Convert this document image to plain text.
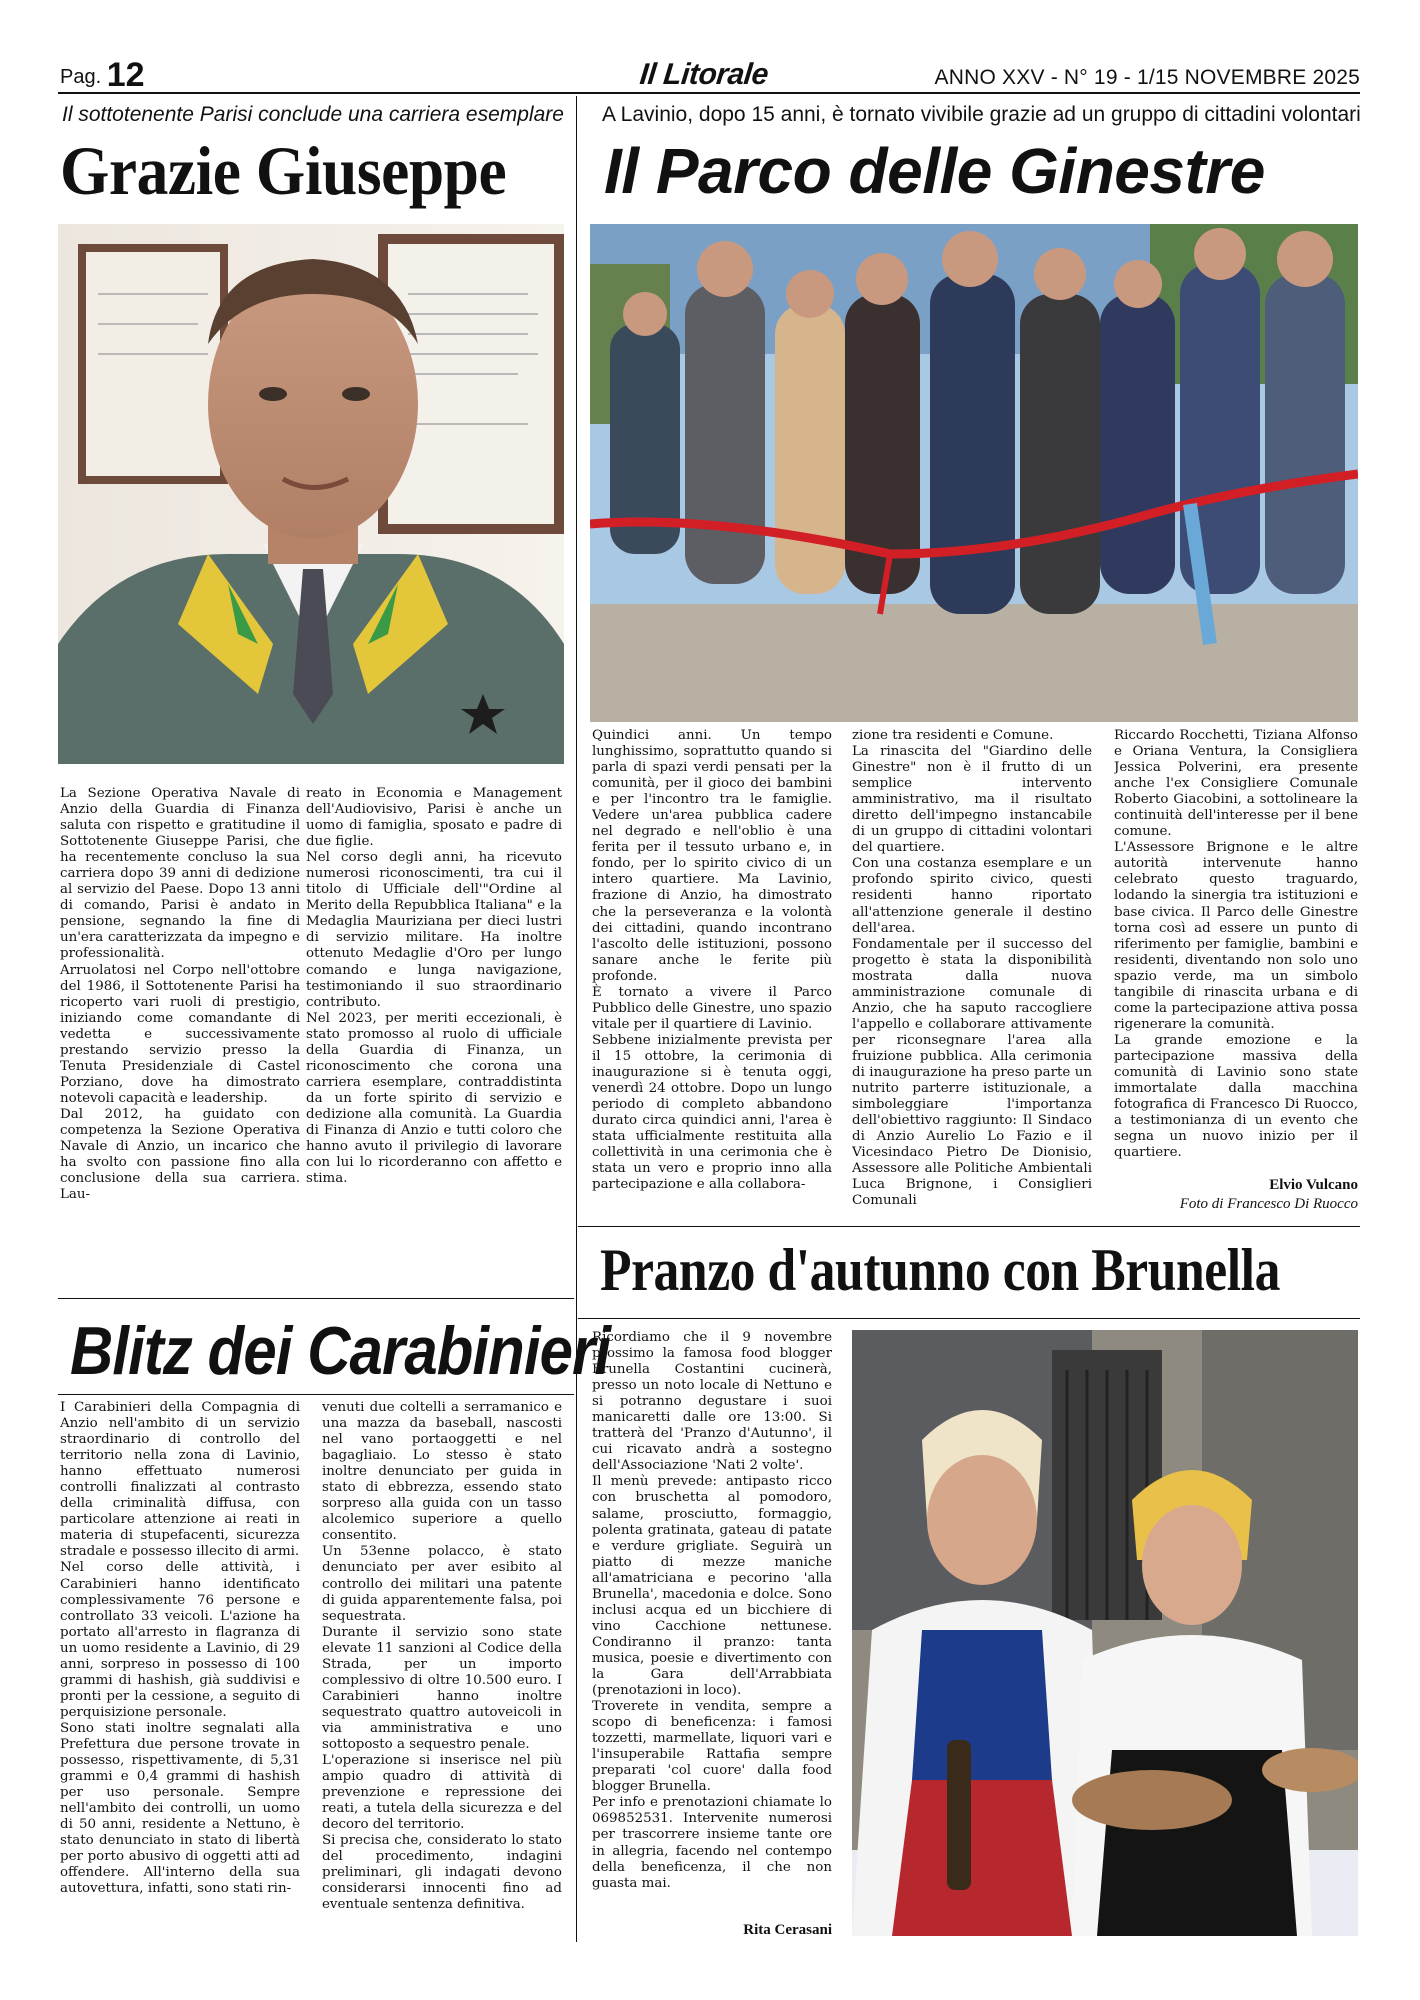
Pag. 12	Il Litorale	ANNO XXV - N° 19 - 1/15 NOVEMBRE 2025
Il sottotenente Parisi conclude una carriera esemplare
Grazie Giuseppe

La Sezione Operativa Navale di Anzio della Guardia di Finanza saluta con rispetto e gratitudine il Sottotenente Giuseppe Parisi, che ha recentemente concluso la sua carriera dopo 39 anni di dedizione al servizio del Paese. Dopo 13 anni di comando, Parisi è andato in pensione, segnando la fine di un'era caratterizzata da impegno e professionalità.

Arruolatosi nel Corpo nell'ottobre del 1986, il Sottotenente Parisi ha ricoperto vari ruoli di prestigio, iniziando come comandante di vedetta e successivamente prestando servizio presso la Tenuta Presidenziale di Castel Porziano, dove ha dimostrato notevoli capacità e leadership.

Dal 2012, ha guidato con competenza la Sezione Operativa Navale di Anzio, un incarico che ha svolto con passione fino alla conclusione della sua carriera. Lau-

reato in Economia e Management dell'Audiovisivo, Parisi è anche un uomo di famiglia, sposato e padre di due figlie.

Nel corso degli anni, ha ricevuto numerosi riconoscimenti, tra cui il titolo di Ufficiale dell'"Ordine al Merito della Repubblica Italiana" e la Medaglia Mauriziana per dieci lustri di servizio militare. Ha inoltre ottenuto Medaglie d'Oro per lungo comando e lunga navigazione, testimoniando il suo straordinario contributo.

Nel 2023, per meriti eccezionali, è stato promosso al ruolo di ufficiale della Guardia di Finanza, un riconoscimento che corona una carriera esemplare, contraddistinta da un forte spirito di servizio e dedizione alla comunità. La Guardia di Finanza di Anzio e tutti coloro che hanno avuto il privilegio di lavorare con lui lo ricorderanno con affetto e stima.

A Lavinio, dopo 15 anni, è tornato vivibile grazie ad un gruppo di cittadini volontari
Il Parco delle Ginestre

Quindici anni. Un tempo lunghissimo, soprattutto quando si parla di spazi verdi pensati per la comunità, per il gioco dei bambini e per l'incontro tra le famiglie. Vedere un'area pubblica cadere nel degrado e nell'oblio è una ferita per il tessuto urbano e, in fondo, per lo spirito civico di un intero quartiere. Ma Lavinio, frazione di Anzio, ha dimostrato che la perseveranza e la volontà dei cittadini, quando incontrano l'ascolto delle istituzioni, possono sanare anche le ferite più profonde.

È tornato a vivere il Parco Pubblico delle Ginestre, uno spazio vitale per il quartiere di Lavinio.

Sebbene inizialmente prevista per il 15 ottobre, la cerimonia di inaugurazione si è tenuta oggi, venerdì 24 ottobre. Dopo un lungo periodo di completo abbandono durato circa quindici anni, l'area è stata ufficialmente restituita alla collettività in una cerimonia che è stata un vero e proprio inno alla partecipazione e alla collabora-

zione tra residenti e Comune.

La rinascita del "Giardino delle Ginestre" non è il frutto di un semplice intervento amministrativo, ma il risultato diretto dell'impegno instancabile di un gruppo di cittadini volontari del quartiere.

Con una costanza esemplare e un profondo spirito civico, questi residenti hanno riportato all'attenzione generale il destino dell'area.

Fondamentale per il successo del progetto è stata la disponibilità mostrata dalla nuova amministrazione comunale di Anzio, che ha saputo raccogliere l'appello e collaborare attivamente per riconsegnare l'area alla fruizione pubblica. Alla cerimonia di inaugurazione ha preso parte un nutrito parterre istituzionale, a simboleggiare l'importanza dell'obiettivo raggiunto: Il Sindaco di Anzio Aurelio Lo Fazio e il Vicesindaco Pietro De Dionisio, Assessore alle Politiche Ambientali Luca Brignone, i Consiglieri Comunali

Riccardo Rocchetti, Tiziana Alfonso e Oriana Ventura, la Consigliera Jessica Polverini, era presente anche l'ex Consigliere Comunale Roberto Giacobini, a sottolineare la continuità dell'interesse per il bene comune.

L'Assessore Brignone e le altre autorità intervenute hanno celebrato questo traguardo, lodando la sinergia tra istituzioni e base civica. Il Parco delle Ginestre torna così ad essere un punto di riferimento per famiglie, bambini e residenti, diventando non solo uno spazio verde, ma un simbolo tangibile di rinascita urbana e di come la partecipazione attiva possa rigenerare la comunità.

La grande emozione e la partecipazione massiva della comunità di Lavinio sono state immortalate dalla macchina fotografica di Francesco Di Ruocco, a testimonianza di un evento che segna un nuovo inizio per il quartiere.

Elvio Vulcano
Foto di Francesco Di Ruocco
Blitz dei Carabinieri

I Carabinieri della Compagnia di Anzio nell'ambito di un servizio straordinario di controllo del territorio nella zona di Lavinio, hanno effettuato numerosi controlli finalizzati al contrasto della criminalità diffusa, con particolare attenzione ai reati in materia di stupefacenti, sicurezza stradale e possesso illecito di armi.

Nel corso delle attività, i Carabinieri hanno identificato complessivamente 76 persone e controllato 33 veicoli. L'azione ha portato all'arresto in flagranza di un uomo residente a Lavinio, di 29 anni, sorpreso in possesso di 100 grammi di hashish, già suddivisi e pronti per la cessione, a seguito di perquisizione personale.

Sono stati inoltre segnalati alla Prefettura due persone trovate in possesso, rispettivamente, di 5,31 grammi e 0,4 grammi di hashish per uso personale. Sempre nell'ambito dei controlli, un uomo di 50 anni, residente a Nettuno, è stato denunciato in stato di libertà per porto abusivo di oggetti atti ad offendere. All'interno della sua autovettura, infatti, sono stati rin-

venuti due coltelli a serramanico e una mazza da baseball, nascosti nel vano portaoggetti e nel bagagliaio. Lo stesso è stato inoltre denunciato per guida in stato di ebbrezza, essendo stato sorpreso alla guida con un tasso alcolemico superiore a quello consentito.

Un 53enne polacco, è stato denunciato per aver esibito al controllo dei militari una patente di guida apparentemente falsa, poi sequestrata.

Durante il servizio sono state elevate 11 sanzioni al Codice della Strada, per un importo complessivo di oltre 10.500 euro. I Carabinieri hanno inoltre sequestrato quattro autoveicoli in via amministrativa e uno sottoposto a sequestro penale.

L'operazione si inserisce nel più ampio quadro di attività di prevenzione e repressione dei reati, a tutela della sicurezza e del decoro del territorio.

Si precisa che, considerato lo stato del procedimento, indagini preliminari, gli indagati devono considerarsi innocenti fino ad eventuale sentenza definitiva.

Pranzo d'autunno con Brunella

Ricordiamo che il 9 novembre prossimo la famosa food blogger Brunella Costantini cucinerà, presso un noto locale di Nettuno e si potranno degustare i suoi manicaretti dalle ore 13:00. Si tratterà del 'Pranzo d'Autunno', il cui ricavato andrà a sostegno dell'Associazione 'Nati 2 volte'.

Il menù prevede: antipasto ricco con bruschetta al pomodoro, salame, prosciutto, formaggio, polenta gratinata, gateau di patate e verdure grigliate. Seguirà un piatto di mezze maniche all'amatriciana e pecorino 'alla Brunella', macedonia e dolce. Sono inclusi acqua ed un bicchiere di vino Cacchione nettunese. Condiranno il pranzo: tanta musica, poesie e divertimento con la Gara dell'Arrabbiata (prenotazioni in loco).

Troverete in vendita, sempre a scopo di beneficenza: i famosi tozzetti, marmellate, liquori vari e l'insuperabile Rattafia sempre preparati 'col cuore' dalla food blogger Brunella.

Per info e prenotazioni chiamate lo 069852531. Intervenite numerosi per trascorrere insieme tante ore in allegria, facendo nel contempo della beneficenza, il che non guasta mai.

Rita Cerasani
